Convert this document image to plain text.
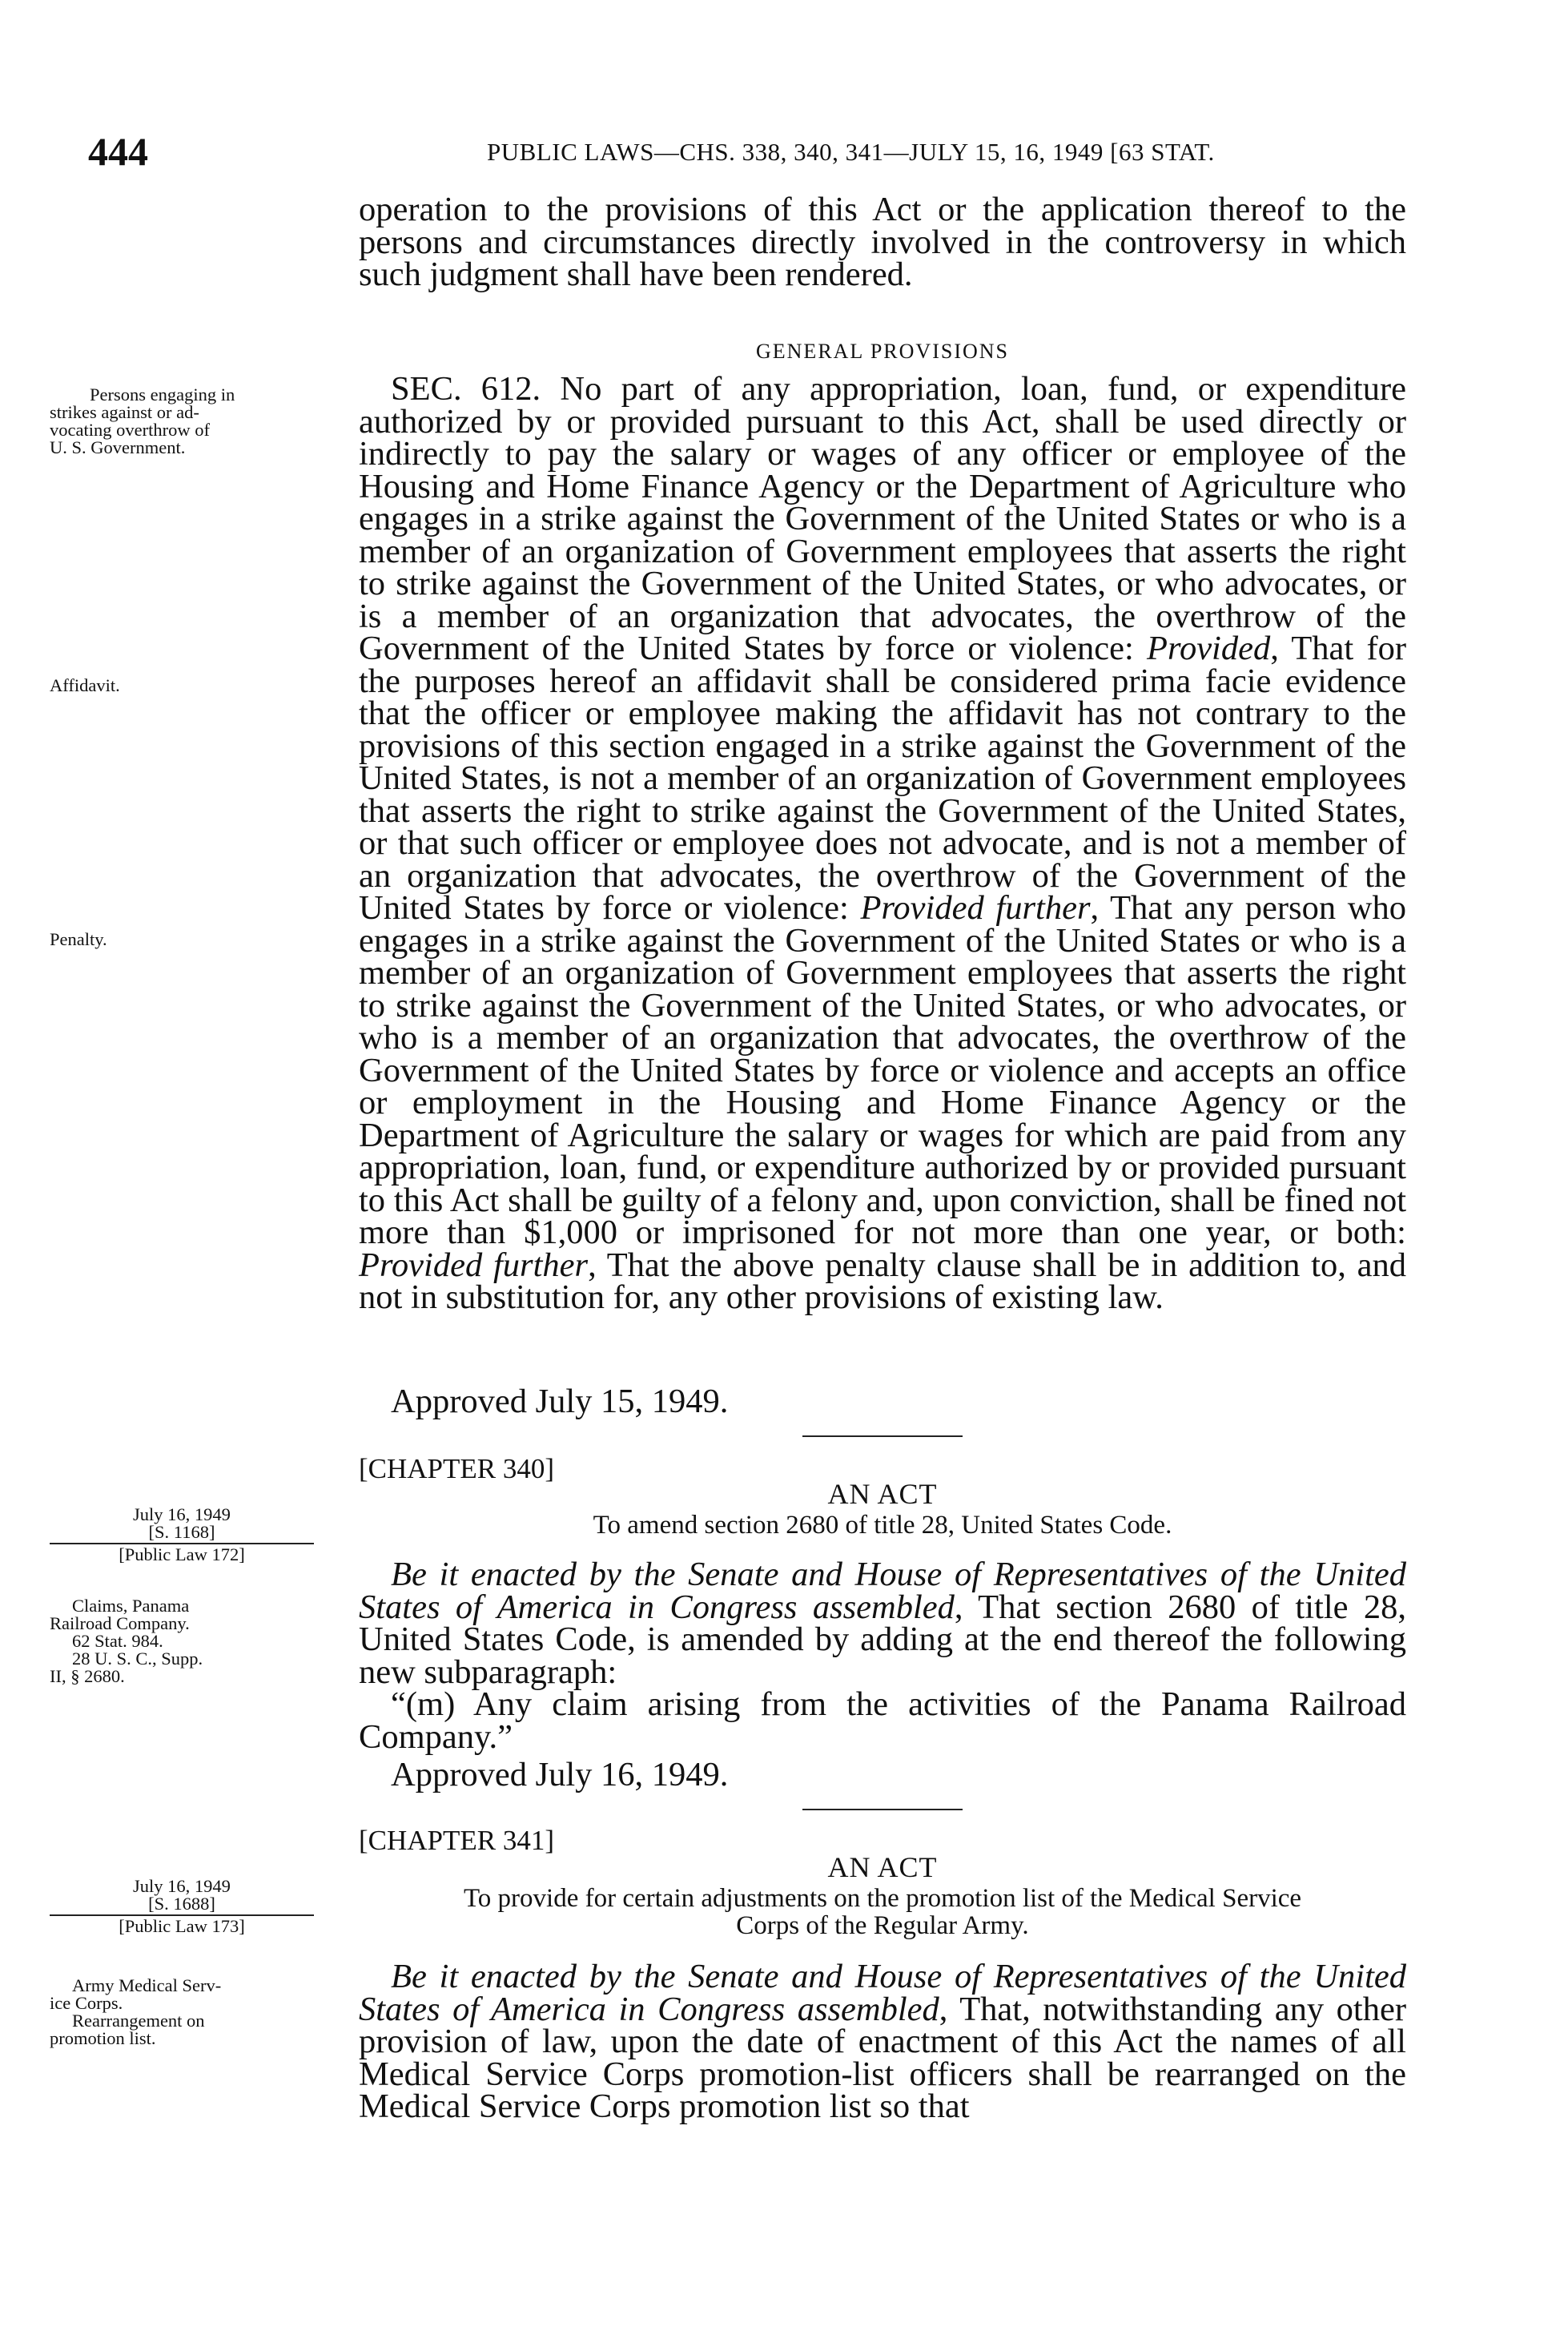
444	PUBLIC LAWS—CHS. 338, 340, 341—JULY 15, 16, 1949 [63 STAT.

operation to the provisions of this Act or the application thereof to the persons and circumstances directly involved in the controversy in which such judgment shall have been rendered.

GENERAL PROVISIONS

SEC. 612. No part of any appropriation, loan, fund, or expenditure authorized by or provided pursuant to this Act, shall be used directly or indirectly to pay the salary or wages of any officer or employee of the Housing and Home Finance Agency or the Department of Agriculture who engages in a strike against the Government of the United States or who is a member of an organization of Government employees that asserts the right to strike against the Government of the United States, or who advocates, or is a member of an organization that advocates, the overthrow of the Government of the United States by force or violence: Provided, That for the purposes hereof an affidavit shall be considered prima facie evidence that the officer or employee making the affidavit has not contrary to the provisions of this section engaged in a strike against the Government of the United States, is not a member of an organization of Government employees that asserts the right to strike against the Government of the United States, or that such officer or employee does not advocate, and is not a member of an organization that advocates, the overthrow of the Government of the United States by force or violence: Provided further, That any person who engages in a strike against the Government of the United States or who is a member of an organization of Government employees that asserts the right to strike against the Government of the United States, or who advocates, or who is a member of an organization that advocates, the overthrow of the Government of the United States by force or violence and accepts an office or employment in the Housing and Home Finance Agency or the Department of Agriculture the salary or wages for which are paid from any appropriation, loan, fund, or expenditure authorized by or provided pursuant to this Act shall be guilty of a felony and, upon conviction, shall be fined not more than $1,000 or imprisoned for not more than one year, or both: Provided further, That the above penalty clause shall be in addition to, and not in substitution for, any other provisions of existing law.

Approved July 15, 1949.
[CHAPTER 340]
AN ACT
To amend section 2680 of title 28, United States Code.

Be it enacted by the Senate and House of Representatives of the United States of America in Congress assembled, That section 2680 of title 28, United States Code, is amended by adding at the end thereof the following new subparagraph:

“(m) Any claim arising from the activities of the Panama Railroad Company.”

Approved July 16, 1949.
[CHAPTER 341]
AN ACT
To provide for certain adjustments on the promotion list of the Medical Service
Corps of the Regular Army.

Be it enacted by the Senate and House of Representatives of the United States of America in Congress assembled, That, notwithstanding any other provision of law, upon the date of enactment of this Act the names of all Medical Service Corps promotion-list officers shall be rearranged on the Medical Service Corps promotion list so that

Persons engaging in
strikes against or ad-
vocating overthrow of
U. S. Government.
Affidavit.
Penalty.
July 16, 1949
[S. 1168]
[Public Law 172]
Claims, Panama
Railroad Company.
62 Stat. 984.
28 U. S. C., Supp.
II, § 2680.
July 16, 1949
[S. 1688]
[Public Law 173]
Army Medical Serv-
ice Corps.
Rearrangement on
promotion list.
